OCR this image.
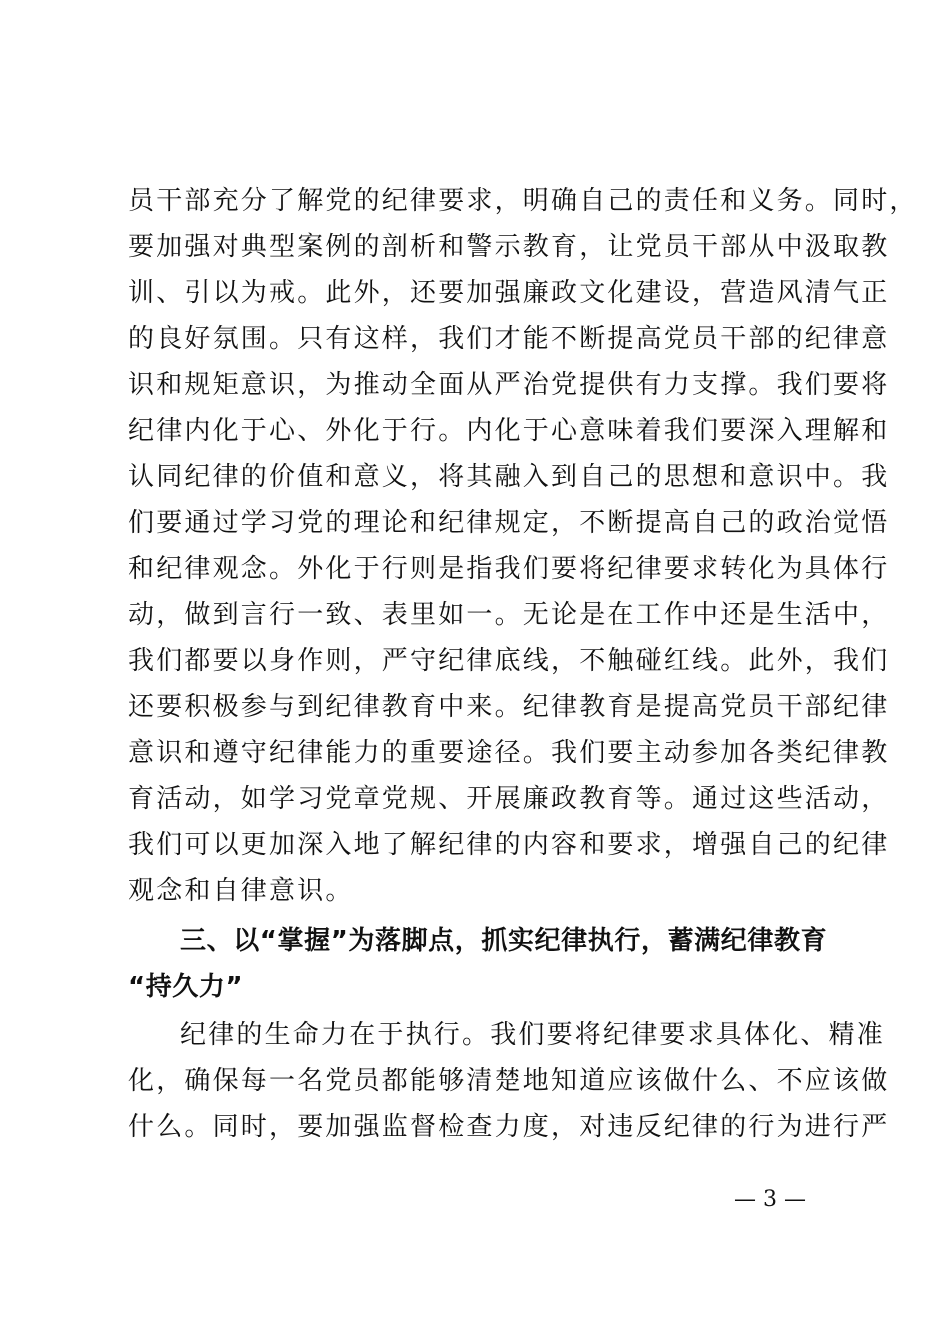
员干部充分了解党的纪律要求，明确自己的责任和义务。同时，
要加强对典型案例的剖析和警示教育，让党员干部从中汲取教
训、引以为戒。此外，还要加强廉政文化建设，营造风清气正
的良好氛围。只有这样，我们才能不断提高党员干部的纪律意
识和规矩意识，为推动全面从严治党提供有力支撑。我们要将
纪律内化于心、外化于行。内化于心意味着我们要深入理解和
认同纪律的价值和意义，将其融入到自己的思想和意识中。我
们要通过学习党的理论和纪律规定，不断提高自己的政治觉悟
和纪律观念。外化于行则是指我们要将纪律要求转化为具体行
动，做到言行一致、表里如一。无论是在工作中还是生活中，
我们都要以身作则，严守纪律底线，不触碰红线。此外，我们
还要积极参与到纪律教育中来。纪律教育是提高党员干部纪律
意识和遵守纪律能力的重要途径。我们要主动参加各类纪律教
育活动，如学习党章党规、开展廉政教育等。通过这些活动，
我们可以更加深入地了解纪律的内容和要求，增强自己的纪律
观念和自律意识。
三、以“掌握”为落脚点，抓实纪律执行，蓄满纪律教育
“持久力”
纪律的生命力在于执行。我们要将纪律要求具体化、精准
化，确保每一名党员都能够清楚地知道应该做什么、不应该做
什么。同时，要加强监督检查力度，对违反纪律的行为进行严
— 3 —
